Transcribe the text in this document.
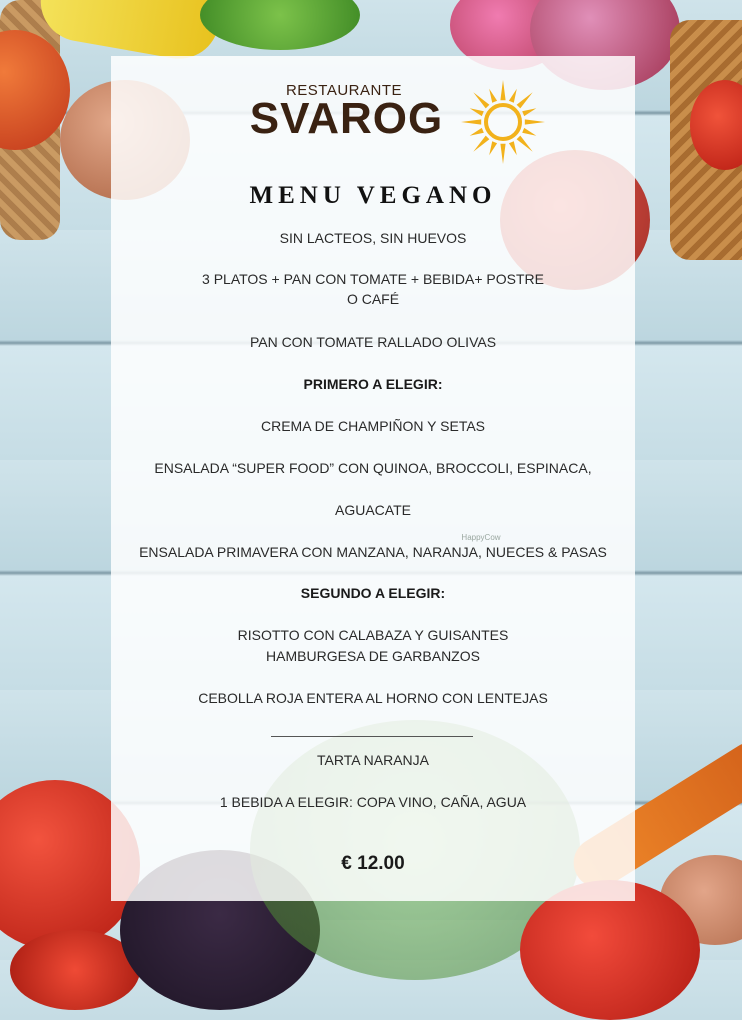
RESTAURANTE
SVAROG
MENU VEGANO
SIN LACTEOS, SIN HUEVOS
3 PLATOS + PAN CON TOMATE + BEBIDA+ POSTRE
O CAFÉ
PAN CON TOMATE RALLADO OLIVAS
PRIMERO A ELEGIR:
CREMA DE CHAMPIÑON Y SETAS
ENSALADA “SUPER FOOD” CON QUINOA, BROCCOLI, ESPINACA,
HappyCow
AGUACATE
ENSALADA PRIMAVERA CON MANZANA, NARANJA, NUECES & PASAS
SEGUNDO A ELEGIR:
RISOTTO CON CALABAZA Y GUISANTES
HAMBURGESA DE GARBANZOS
CEBOLLA ROJA ENTERA AL HORNO CON LENTEJAS
TARTA NARANJA
1 BEBIDA A ELEGIR: COPA VINO, CAÑA, AGUA
€ 12.00
